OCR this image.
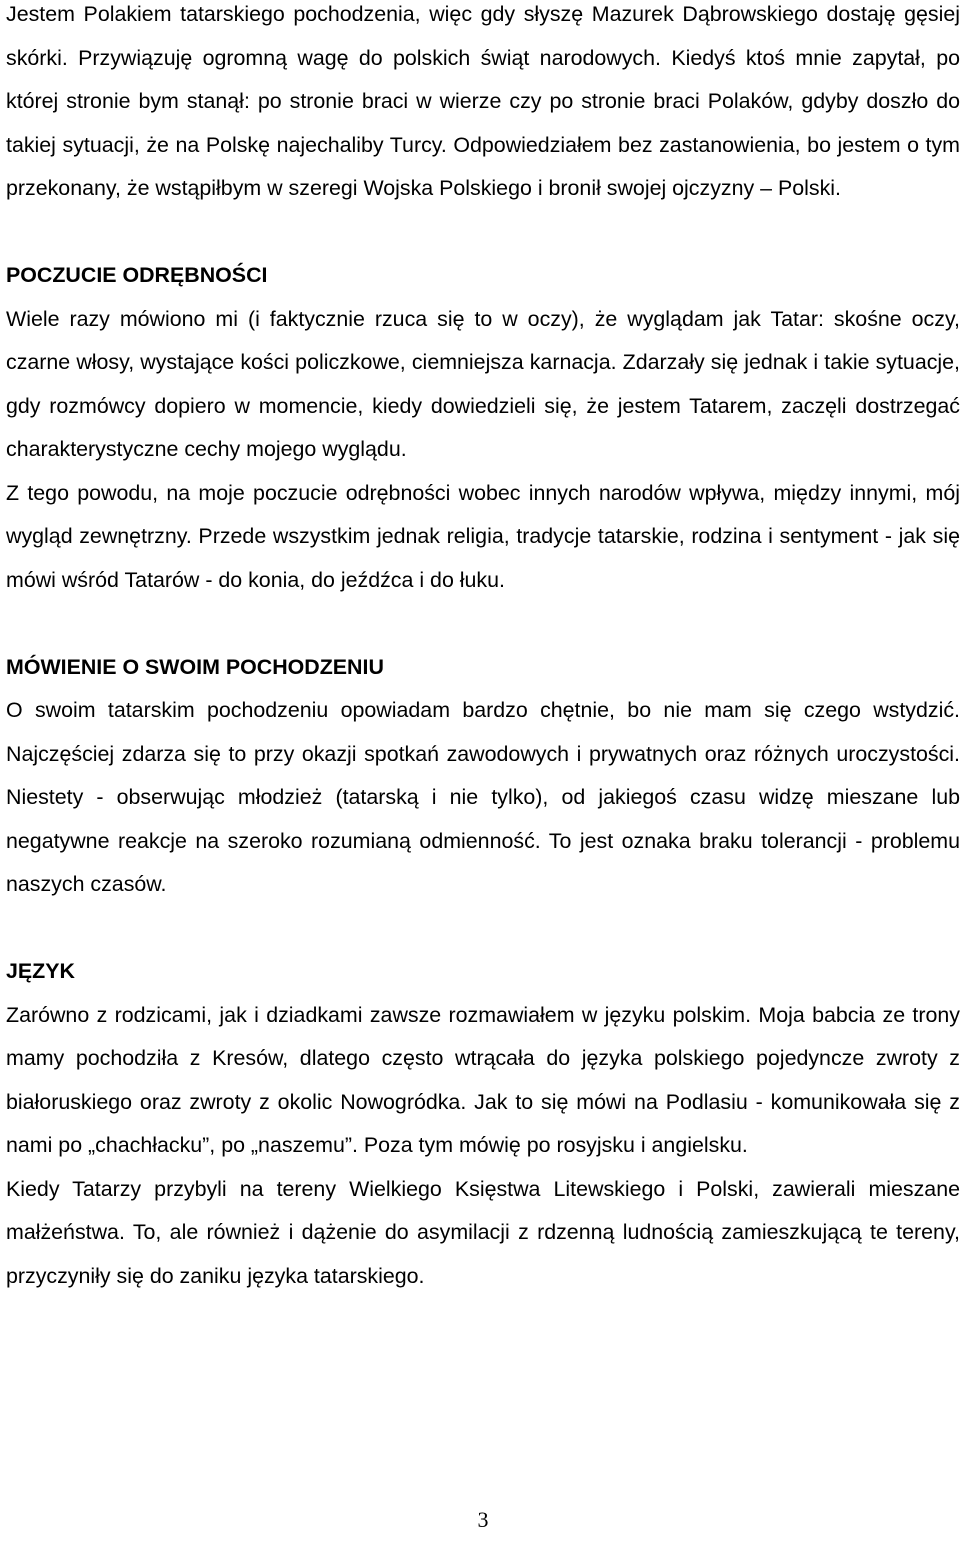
Jestem Polakiem tatarskiego pochodzenia, więc gdy słyszę Mazurek Dąbrowskiego dostaję gęsiej skórki. Przywiązuję ogromną wagę do polskich świąt narodowych. Kiedyś ktoś mnie zapytał, po której stronie bym stanął: po stronie braci w wierze czy po stronie braci Polaków, gdyby doszło do takiej sytuacji, że na Polskę najechaliby Turcy. Odpowiedziałem bez zastanowienia, bo jestem o tym przekonany, że wstąpiłbym w szeregi Wojska Polskiego i bronił swojej ojczyzny – Polski.

POCZUCIE ODRĘBNOŚCI

Wiele razy mówiono mi (i faktycznie rzuca się to w oczy), że wyglądam jak Tatar: skośne oczy, czarne włosy, wystające kości policzkowe, ciemniejsza karnacja. Zdarzały się jednak i takie sytuacje, gdy rozmówcy dopiero w momencie, kiedy dowiedzieli się, że jestem Tatarem, zaczęli dostrzegać charakterystyczne cechy mojego wyglądu.

Z tego powodu, na moje poczucie odrębności wobec innych narodów wpływa, między innymi, mój wygląd zewnętrzny. Przede wszystkim jednak religia, tradycje tatarskie, rodzina i sentyment - jak się mówi wśród Tatarów - do konia, do jeźdźca i do łuku.

MÓWIENIE O SWOIM POCHODZENIU

O swoim tatarskim pochodzeniu opowiadam bardzo chętnie, bo nie mam się czego wstydzić. Najczęściej zdarza się to przy okazji spotkań zawodowych i prywatnych oraz różnych uroczystości. Niestety - obserwując młodzież (tatarską i nie tylko), od jakiegoś czasu widzę mieszane lub negatywne reakcje na szeroko rozumianą odmienność. To jest oznaka braku tolerancji - problemu naszych czasów.

JĘZYK

Zarówno z rodzicami, jak i dziadkami zawsze rozmawiałem w języku polskim. Moja babcia ze trony mamy pochodziła z Kresów, dlatego często wtrącała do języka polskiego pojedyncze zwroty z białoruskiego oraz zwroty z okolic Nowogródka. Jak to się mówi na Podlasiu - komunikowała się z nami po „chachłacku”, po „naszemu”. Poza tym mówię po rosyjsku i angielsku.

Kiedy Tatarzy przybyli na tereny Wielkiego Księstwa Litewskiego i Polski, zawierali mieszane małżeństwa. To, ale również i dążenie do asymilacji z rdzenną ludnością zamieszkującą te tereny, przyczyniły się do zaniku języka tatarskiego.

3
